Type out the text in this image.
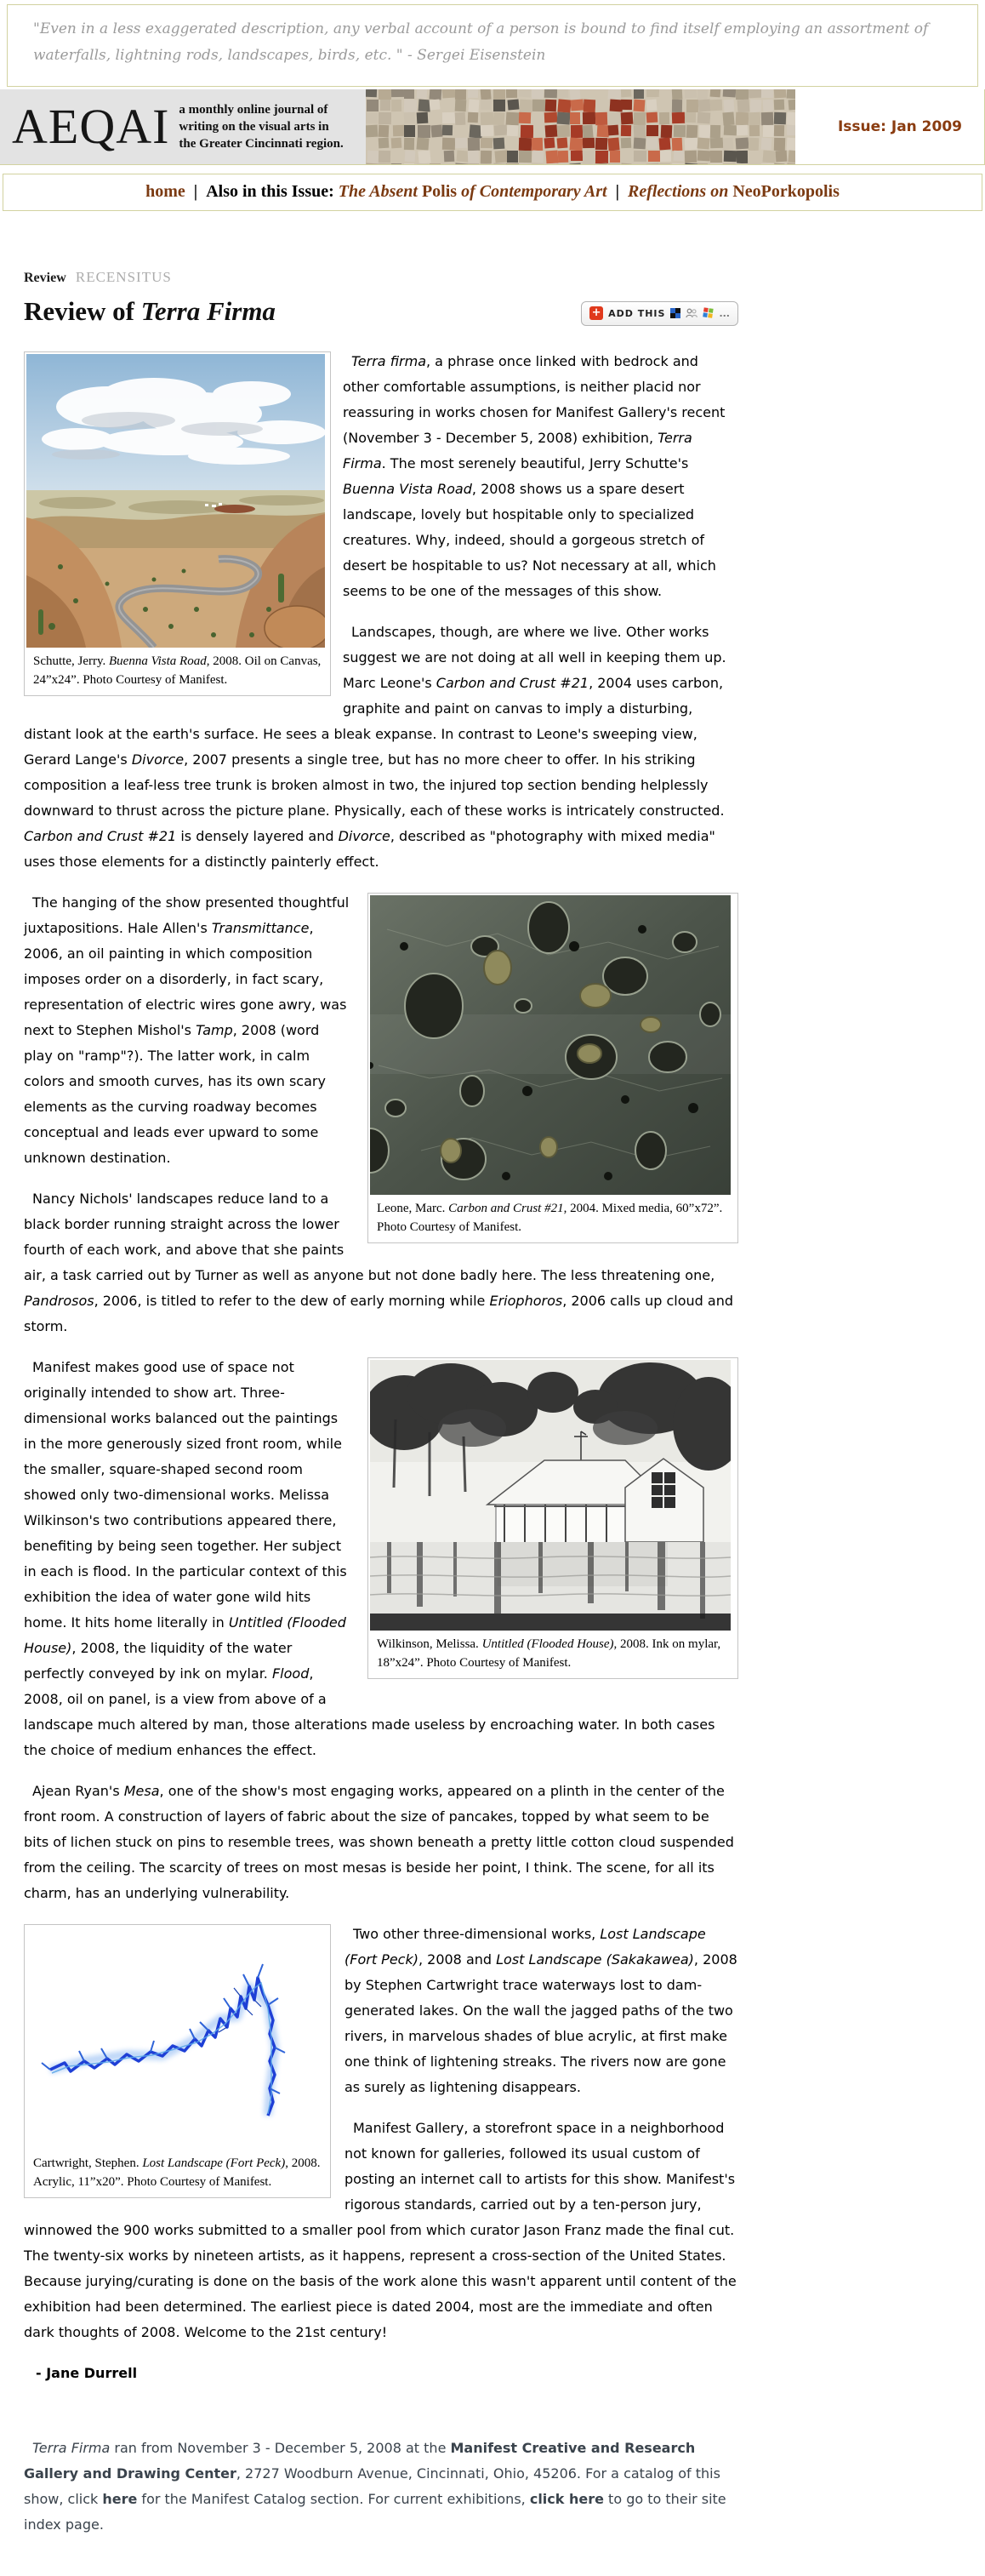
"Even in a less exaggerated description, any verbal account of a person is bound to find itself employing an assortment of waterfalls, lightning rods, landscapes, birds, etc. " - Sergei Eisenstein
AEQAI a monthly online journal of
writing on the visual arts in
the Greater Cincinnati region.
Issue: Jan 2009
home | Also in this Issue: The Absent Polis of Contemporary Art | Reflections on NeoPorkopolis
Review RECENSITUS
Review of Terra Firma	+ ADD THIS	...
Schutte, Jerry. Buenna Vista Road, 2008. Oil on Canvas, 24”x24”. Photo Courtesy of Manifest.

Terra firma, a phrase once linked with bedrock and other comfortable assumptions, is neither placid nor reassuring in works chosen for Manifest Gallery's recent (November 3 - December 5, 2008) exhibition, Terra Firma. The most serenely beautiful, Jerry Schutte's Buenna Vista Road, 2008 shows us a spare desert landscape, lovely but hospitable only to specialized creatures. Why, indeed, should a gorgeous stretch of desert be hospitable to us? Not necessary at all, which seems to be one of the messages of this show.

Landscapes, though, are where we live. Other works suggest we are not doing at all well in keeping them up. Marc Leone's Carbon and Crust #21, 2004 uses carbon, graphite and paint on canvas to imply a disturbing, distant look at the earth's surface. He sees a bleak expanse. In contrast to Leone's sweeping view, Gerard Lange's Divorce, 2007 presents a single tree, but has no more cheer to offer. In his striking composition a leaf-less tree trunk is broken almost in two, the injured top section bending helplessly downward to thrust across the picture plane. Physically, each of these works is intricately constructed. Carbon and Crust #21 is densely layered and Divorce, described as "photography with mixed media" uses those elements for a distinctly painterly effect.

Leone, Marc. Carbon and Crust #21, 2004. Mixed media, 60”x72”. Photo Courtesy of Manifest.

The hanging of the show presented thoughtful juxtapositions. Hale Allen's Transmittance, 2006, an oil painting in which composition imposes order on a disorderly, in fact scary, representation of electric wires gone awry, was next to Stephen Mishol's Tamp, 2008 (word play on "ramp"?). The latter work, in calm colors and smooth curves, has its own scary elements as the curving roadway becomes conceptual and leads ever upward to some unknown destination.

Nancy Nichols' landscapes reduce land to a black border running straight across the lower fourth of each work, and above that she paints air, a task carried out by Turner as well as anyone but not done badly here. The less threatening one, Pandrosos, 2006, is titled to refer to the dew of early morning while Eriophoros, 2006 calls up cloud and storm.

Wilkinson, Melissa. Untitled (Flooded House), 2008. Ink on mylar, 18”x24”. Photo Courtesy of Manifest.

Manifest makes good use of space not originally intended to show art. Three-dimensional works balanced out the paintings in the more generously sized front room, while the smaller, square-shaped second room showed only two-dimensional works. Melissa Wilkinson's two contributions appeared there, benefiting by being seen together. Her subject in each is flood. In the particular context of this exhibition the idea of water gone wild hits home. It hits home literally in Untitled (Flooded House), 2008, the liquidity of the water perfectly conveyed by ink on mylar. Flood, 2008, oil on panel, is a view from above of a landscape much altered by man, those alterations made useless by encroaching water. In both cases the choice of medium enhances the effect.

Ajean Ryan's Mesa, one of the show's most engaging works, appeared on a plinth in the center of the front room. A construction of layers of fabric about the size of pancakes, topped by what seem to be bits of lichen stuck on pins to resemble trees, was shown beneath a pretty little cotton cloud suspended from the ceiling. The scarcity of trees on most mesas is beside her point, I think. The scene, for all its charm, has an underlying vulnerability.

Cartwright, Stephen. Lost Landscape (Fort Peck), 2008. Acrylic, 11”x20”. Photo Courtesy of Manifest.

Two other three-dimensional works, Lost Landscape (Fort Peck), 2008 and Lost Landscape (Sakakawea), 2008 by Stephen Cartwright trace waterways lost to dam-generated lakes. On the wall the jagged paths of the two rivers, in marvelous shades of blue acrylic, at first make one think of lightening streaks. The rivers now are gone as surely as lightening disappears.

Manifest Gallery, a storefront space in a neighborhood not known for galleries, followed its usual custom of posting an internet call to artists for this show. Manifest's rigorous standards, carried out by a ten-person jury, winnowed the 900 works submitted to a smaller pool from which curator Jason Franz made the final cut. The twenty-six works by nineteen artists, as it happens, represent a cross-section of the United States. Because jurying/curating is done on the basis of the work alone this wasn't apparent until content of the exhibition had been determined. The earliest piece is dated 2004, most are the immediate and often dark thoughts of 2008. Welcome to the 21st century!

- Jane Durrell

Terra Firma ran from November 3 - December 5, 2008 at the Manifest Creative and Research Gallery and Drawing Center, 2727 Woodburn Avenue, Cincinnati, Ohio, 45206. For a catalog of this show, click here for the Manifest Catalog section. For current exhibitions, click here to go to their site index page.
